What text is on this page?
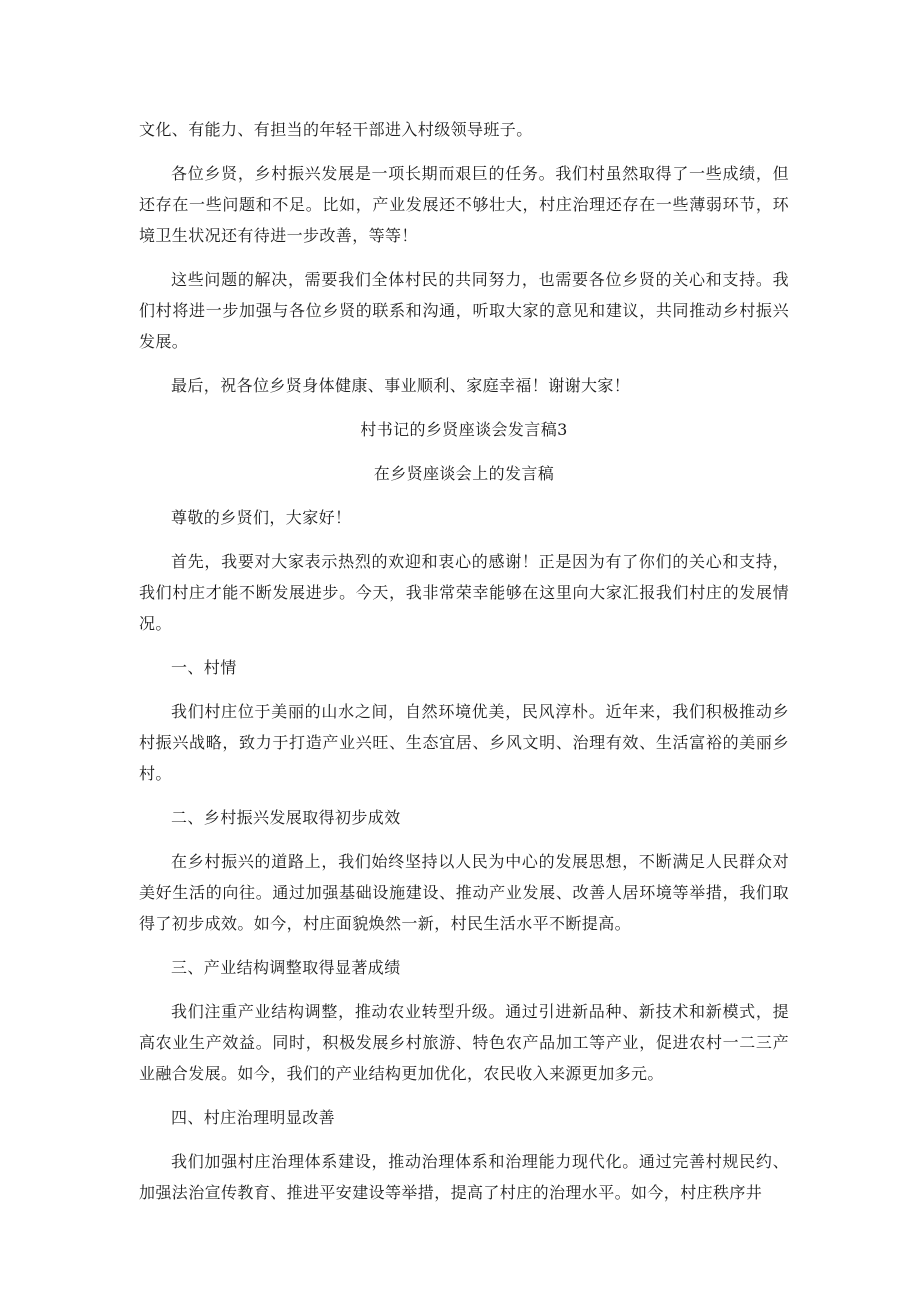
文化、有能力、有担当的年轻干部进入村级领导班子。

各位乡贤，乡村振兴发展是一项长期而艰巨的任务。我们村虽然取得了一些成绩，但还存在一些问题和不足。比如，产业发展还不够壮大，村庄治理还存在一些薄弱环节，环境卫生状况还有待进一步改善，等等！

这些问题的解决，需要我们全体村民的共同努力，也需要各位乡贤的关心和支持。我们村将进一步加强与各位乡贤的联系和沟通，听取大家的意见和建议，共同推动乡村振兴发展。

最后，祝各位乡贤身体健康、事业顺利、家庭幸福！谢谢大家！

村书记的乡贤座谈会发言稿3

在乡贤座谈会上的发言稿

尊敬的乡贤们，大家好！

首先，我要对大家表示热烈的欢迎和衷心的感谢！正是因为有了你们的关心和支持，我们村庄才能不断发展进步。今天，我非常荣幸能够在这里向大家汇报我们村庄的发展情况。

一、村情

我们村庄位于美丽的山水之间，自然环境优美，民风淳朴。近年来，我们积极推动乡村振兴战略，致力于打造产业兴旺、生态宜居、乡风文明、治理有效、生活富裕的美丽乡村。

二、乡村振兴发展取得初步成效

在乡村振兴的道路上，我们始终坚持以人民为中心的发展思想，不断满足人民群众对美好生活的向往。通过加强基础设施建设、推动产业发展、改善人居环境等举措，我们取得了初步成效。如今，村庄面貌焕然一新，村民生活水平不断提高。

三、产业结构调整取得显著成绩

我们注重产业结构调整，推动农业转型升级。通过引进新品种、新技术和新模式，提高农业生产效益。同时，积极发展乡村旅游、特色农产品加工等产业，促进农村一二三产业融合发展。如今，我们的产业结构更加优化，农民收入来源更加多元。

四、村庄治理明显改善

我们加强村庄治理体系建设，推动治理体系和治理能力现代化。通过完善村规民约、加强法治宣传教育、推进平安建设等举措，提高了村庄的治理水平。如今，村庄秩序井
